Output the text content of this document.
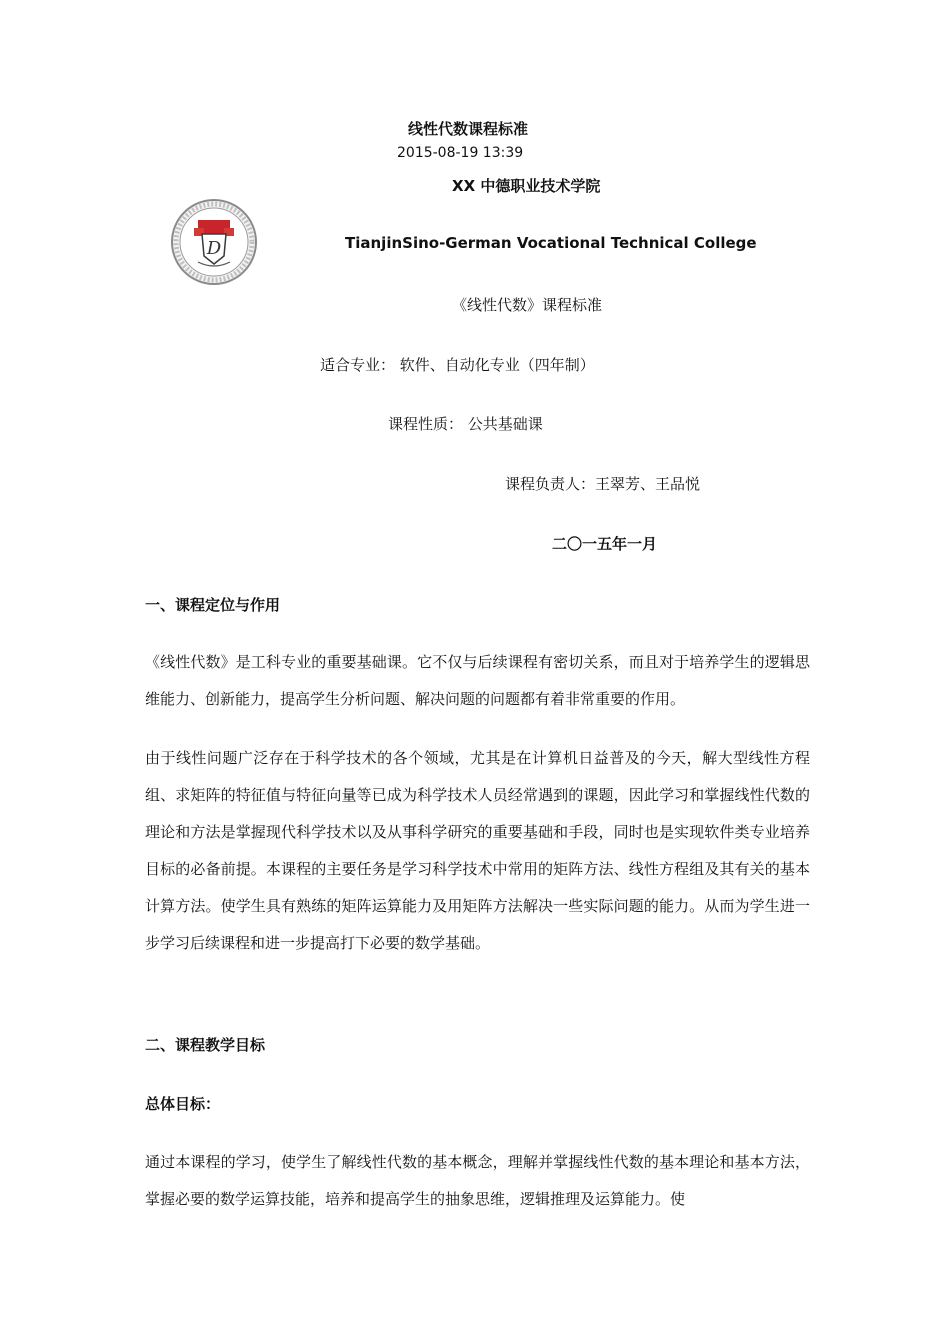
线性代数课程标准
2015-08-19 13:39
XX 中德职业技术学院
D	TianjinSino-German Vocational Technical College
《线性代数》课程标准
适合专业： 软件、自动化专业（四年制）
课程性质： 公共基础课
课程负责人：王翠芳、王品悦
二〇一五年一月
一、课程定位与作用

《线性代数》是工科专业的重要基础课。它不仅与后续课程有密切关系，而且对于培养学生的逻辑思维能力、创新能力，提高学生分析问题、解决问题的问题都有着非常重要的作用。

由于线性问题广泛存在于科学技术的各个领域，尤其是在计算机日益普及的今天，解大型线性方程组、求矩阵的特征值与特征向量等已成为科学技术人员经常遇到的课题，因此学习和掌握线性代数的理论和方法是掌握现代科学技术以及从事科学研究的重要基础和手段，同时也是实现软件类专业培养目标的必备前提。本课程的主要任务是学习科学技术中常用的矩阵方法、线性方程组及其有关的基本计算方法。使学生具有熟练的矩阵运算能力及用矩阵方法解决一些实际问题的能力。从而为学生进一步学习后续课程和进一步提高打下必要的数学基础。

二、课程教学目标
总体目标：

通过本课程的学习，使学生了解线性代数的基本概念，理解并掌握线性代数的基本理论和基本方法，掌握必要的数学运算技能，培养和提高学生的抽象思维，逻辑推理及运算能力。使
